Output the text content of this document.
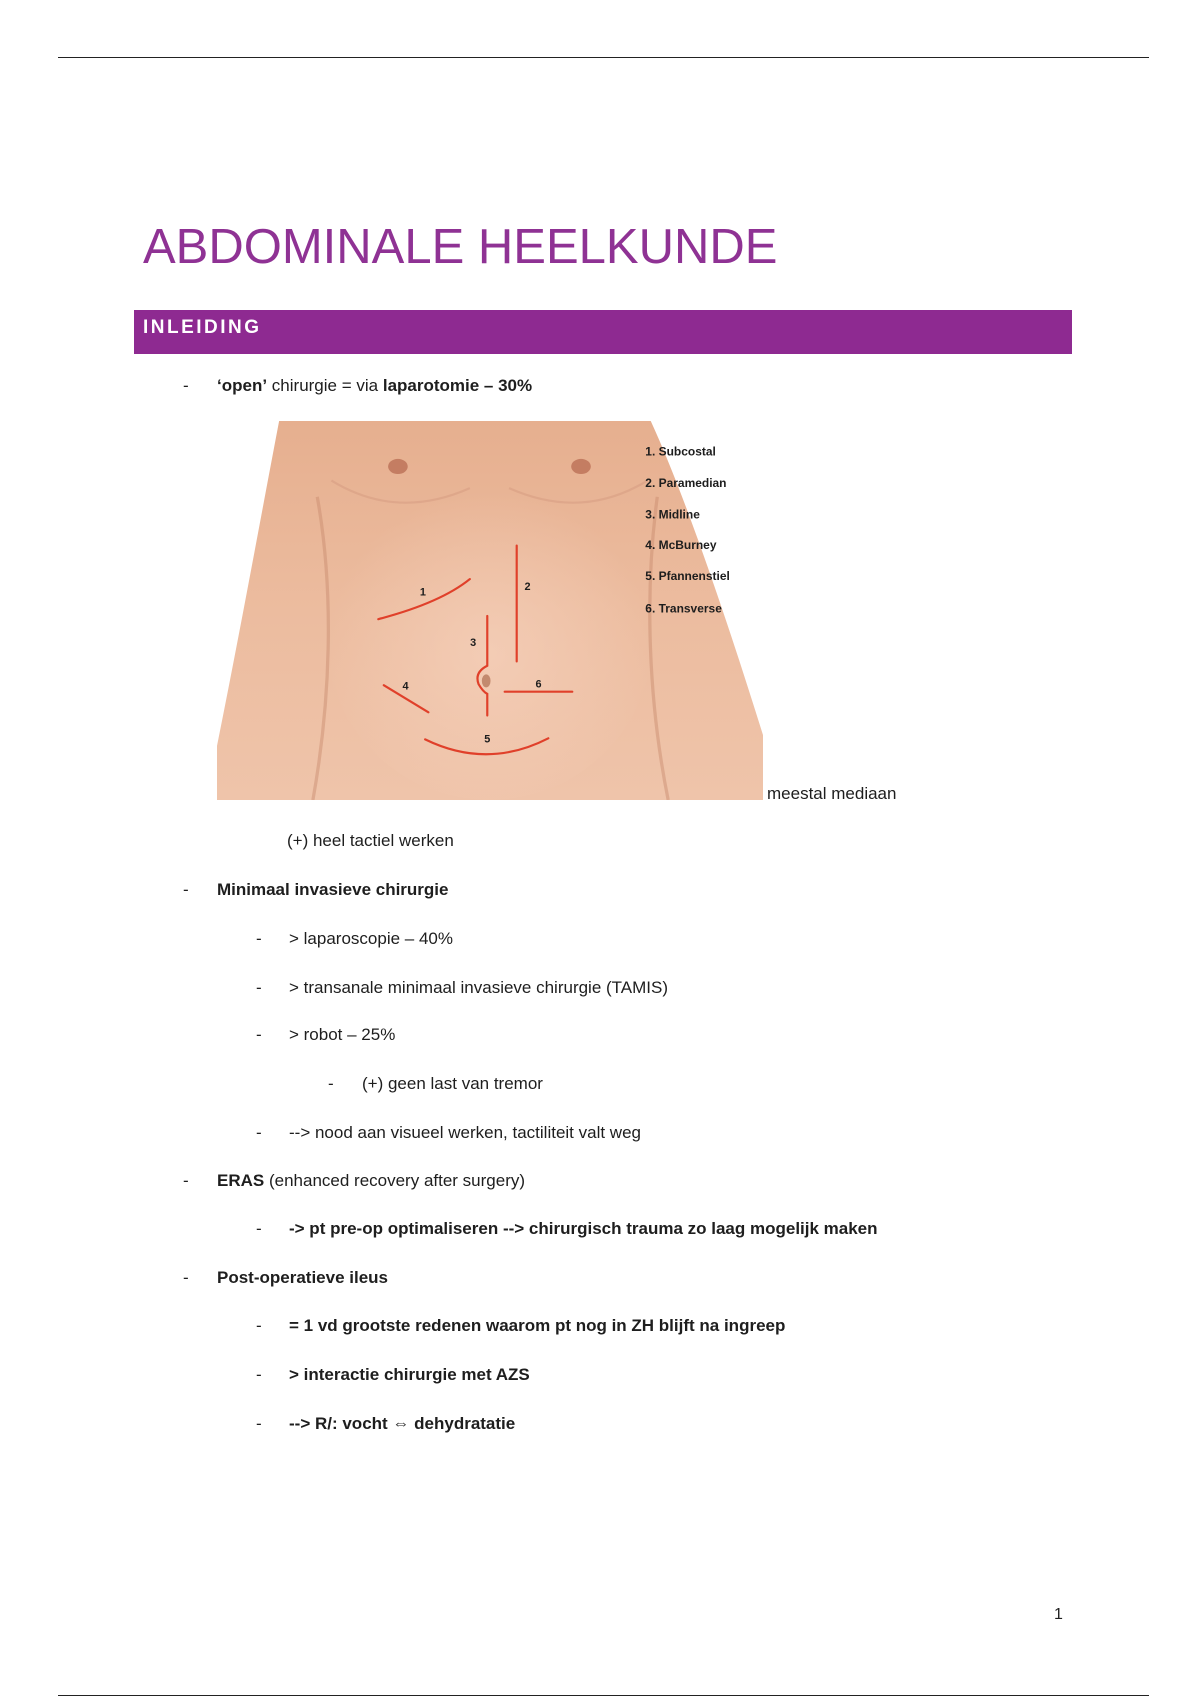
ABDOMINALE HEELKUNDE
INLEIDING
- ‘open’ chirurgie = via laparotomie – 30%
1	2
3
4
5
6
1. Subcostal
2. Paramedian
3. Midline
4. McBurney
5. Pfannenstiel
6. Transverse
meestal mediaan
(+) heel tactiel werken
- Minimaal invasieve chirurgie
- > laparoscopie – 40%
- > transanale minimaal invasieve chirurgie (TAMIS)
- > robot – 25%
- (+) geen last van tremor
- --> nood aan visueel werken, tactiliteit valt weg
- ERAS (enhanced recovery after surgery)
- -> pt pre-op optimaliseren --> chirurgisch trauma zo laag mogelijk maken
- Post-operatieve ileus
- = 1 vd grootste redenen waarom pt nog in ZH blijft na ingreep
- > interactie chirurgie met AZS
- --> R/: vocht ⇔ dehydratatie
1
